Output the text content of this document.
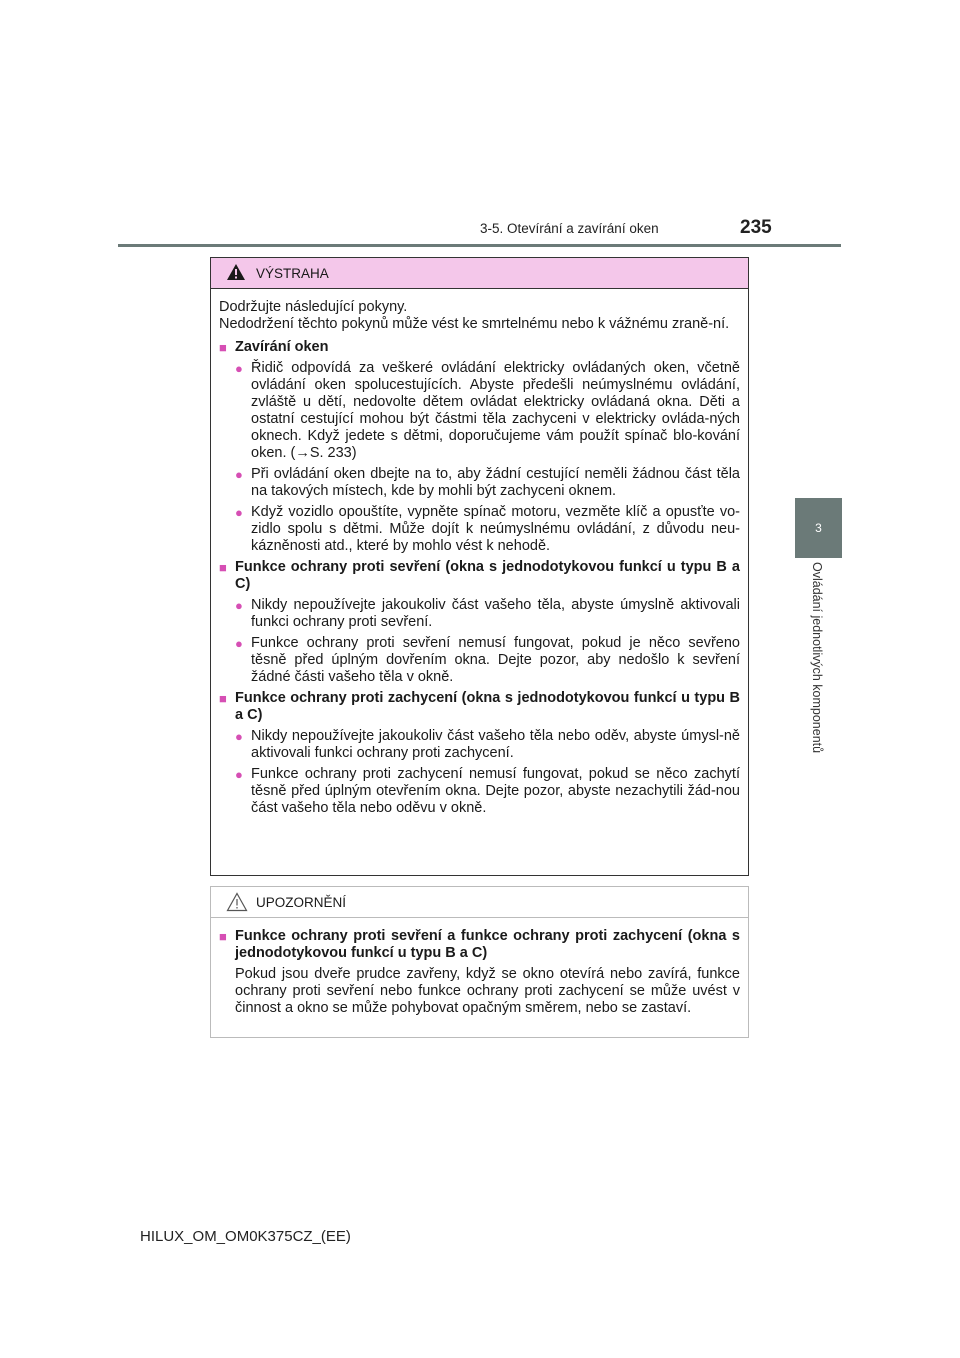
3-5. Otevírání a zavírání oken	235
3
Ovládání jednotlivých komponentů
VÝSTRAHA
Dodržujte následující pokyny.
Nedodržení těchto pokynů může vést ke smrtelnému nebo k vážnému zraně-ní.
■ Zavírání oken
● Řidič odpovídá za veškeré ovládání elektricky ovládaných oken, včetně ovládání oken spolucestujících. Abyste předešli neúmyslnému ovládání, zvláště u dětí, nedovolte dětem ovládat elektricky ovládaná okna. Děti a ostatní cestující mohou být částmi těla zachyceni v elektricky ovláda-ných oknech. Když jedete s dětmi, doporučujeme vám použít spínač blo-kování oken. (→S. 233)
● Při ovládání oken dbejte na to, aby žádní cestující neměli žádnou část těla na takových místech, kde by mohli být zachyceni oknem.
● Když vozidlo opouštíte, vypněte spínač motoru, vezměte klíč a opusťte vo-zidlo spolu s dětmi. Může dojít k neúmyslnému ovládání, z důvodu neu-kázněnosti atd., které by mohlo vést k nehodě.
■ Funkce ochrany proti sevření (okna s jednodotykovou funkcí u typu B a C)
● Nikdy nepoužívejte jakoukoliv část vašeho těla, abyste úmyslně aktivovali funkci ochrany proti sevření.
● Funkce ochrany proti sevření nemusí fungovat, pokud je něco sevřeno těsně před úplným dovřením okna. Dejte pozor, aby nedošlo k sevření žádné části vašeho těla v okně.
■ Funkce ochrany proti zachycení (okna s jednodotykovou funkcí u typu B a C)
● Nikdy nepoužívejte jakoukoliv část vašeho těla nebo oděv, abyste úmysl-ně aktivovali funkci ochrany proti zachycení.
● Funkce ochrany proti zachycení nemusí fungovat, pokud se něco zachytí těsně před úplným otevřením okna. Dejte pozor, abyste nezachytili žád-nou část vašeho těla nebo oděvu v okně.
UPOZORNĚNÍ
■ Funkce ochrany proti sevření a funkce ochrany proti zachycení (okna s jednodotykovou funkcí u typu B a C)
Pokud jsou dveře prudce zavřeny, když se okno otevírá nebo zavírá, funkce ochrany proti sevření nebo funkce ochrany proti zachycení se může uvést v činnost a okno se může pohybovat opačným směrem, nebo se zastaví.
HILUX_OM_OM0K375CZ_(EE)
